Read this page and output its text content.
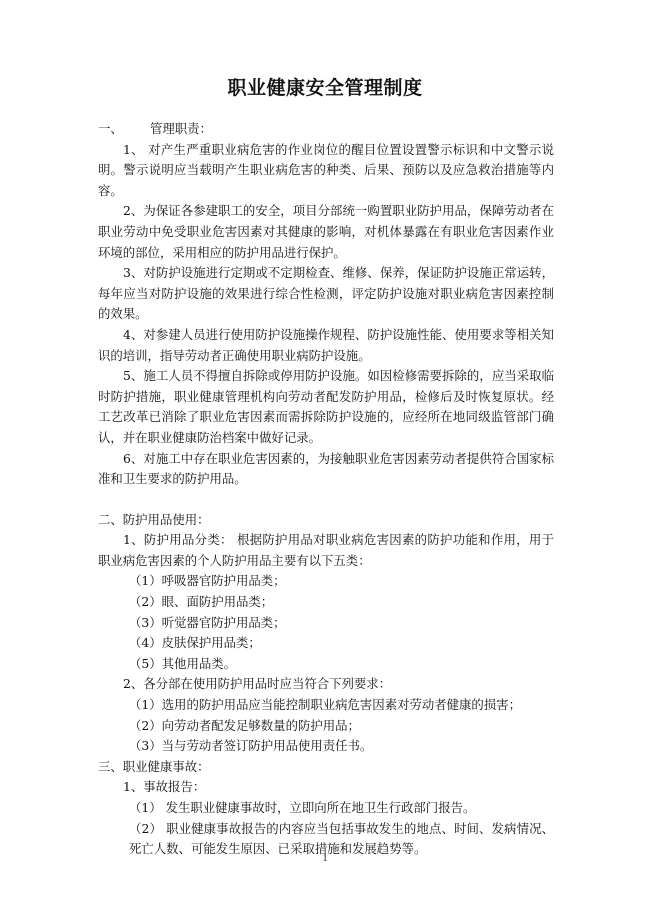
职业健康安全管理制度

一、 管理职责：

1、 对产生严重职业病危害的作业岗位的醒目位置设置警示标识和中文警示说明。警示说明应当载明产生职业病危害的种类、后果、预防以及应急救治措施等内容。

2、为保证各参建职工的安全，项目分部统一购置职业防护用品，保障劳动者在职业劳动中免受职业危害因素对其健康的影响，对机体暴露在有职业危害因素作业环境的部位，采用相应的防护用品进行保护。

3、对防护设施进行定期或不定期检查、维修、保养，保证防护设施正常运转，每年应当对防护设施的效果进行综合性检测，评定防护设施对职业病危害因素控制的效果。

4、对参建人员进行使用防护设施操作规程、防护设施性能、使用要求等相关知识的培训，指导劳动者正确使用职业病防护设施。

5、施工人员不得擅自拆除或停用防护设施。如因检修需要拆除的，应当采取临时防护措施，职业健康管理机构向劳动者配发防护用品，检修后及时恢复原状。经工艺改革已消除了职业危害因素而需拆除防护设施的，应经所在地同级监管部门确认，并在职业健康防治档案中做好记录。

6、对施工中存在职业危害因素的，为接触职业危害因素劳动者提供符合国家标准和卫生要求的防护用品。

二、防护用品使用：

1、防护用品分类： 根据防护用品对职业病危害因素的防护功能和作用，用于职业病危害因素的个人防护用品主要有以下五类：

（1）呼吸器官防护用品类；

（2）眼、面防护用品类；

（3）听觉器官防护用品类；

（4）皮肤保护用品类；

（5）其他用品类。

2、各分部在使用防护用品时应当符合下列要求：

（1）选用的防护用品应当能控制职业病危害因素对劳动者健康的损害；

（2）向劳动者配发足够数量的防护用品；

（3）当与劳动者签订防护用品使用责任书。

三、职业健康事故：

1、事故报告：

（1） 发生职业健康事故时，立即向所在地卫生行政部门报告。

（2） 职业健康事故报告的内容应当包括事故发生的地点、时间、发病情况、死亡人数、可能发生原因、已采取措施和发展趋势等。

1
